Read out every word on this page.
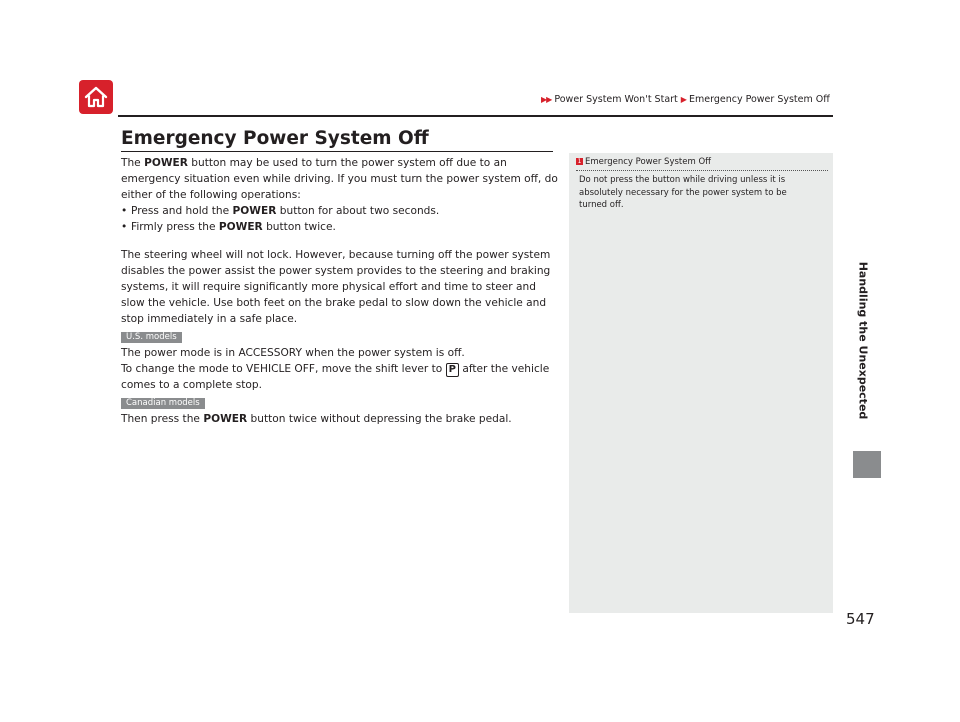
▶▶ Power System Won't Start ▶ Emergency Power System Off
Emergency Power System Off

The POWER button may be used to turn the power system off due to an emergency situation even while driving. If you must turn the power system off, do either of the following operations:

• Press and hold the POWER button for about two seconds.
• Firmly press the POWER button twice.

The steering wheel will not lock. However, because turning off the power system disables the power assist the power system provides to the steering and braking systems, it will require significantly more physical effort and time to steer and slow the vehicle. Use both feet on the brake pedal to slow down the vehicle and stop immediately in a safe place.

U.S. models

The power mode is in ACCESSORY when the power system is off.
To change the mode to VEHICLE OFF, move the shift lever to P after the vehicle comes to a complete stop.

Canadian models

Then press the POWER button twice without depressing the brake pedal.

1 Emergency Power System Off

Do not press the button while driving unless it is absolutely necessary for the power system to be turned off.

Handling the Unexpected
547
